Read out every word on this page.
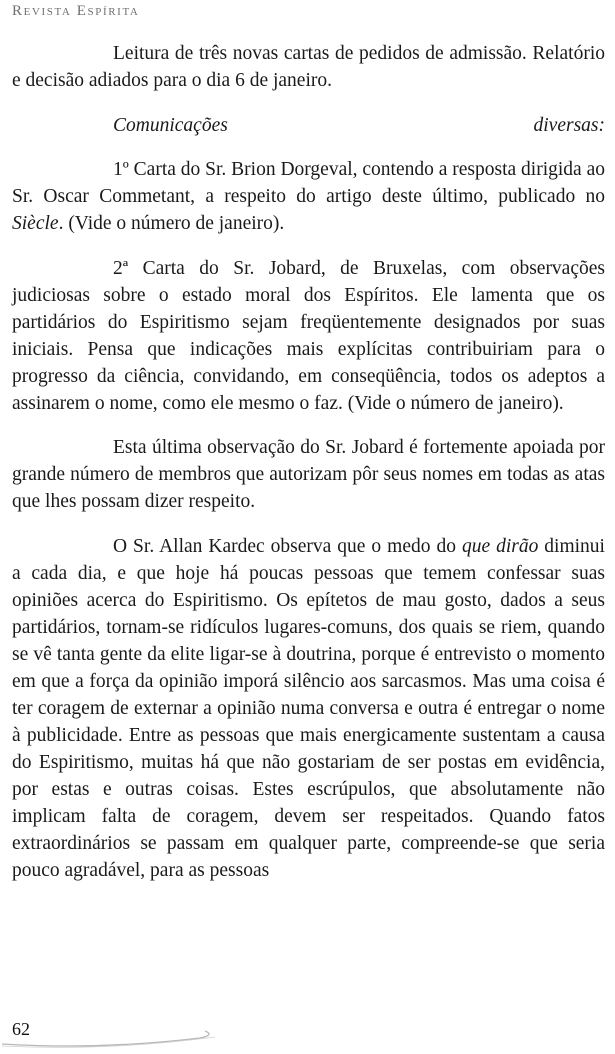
Revista Espírita

Leitura de três novas cartas de pedidos de admissão. Relatório e decisão adiados para o dia 6 de janeiro.

Comunicações diversas:

1º Carta do Sr. Brion Dorgeval, contendo a resposta dirigida ao Sr. Oscar Commetant, a respeito do artigo deste último, publicado no Siècle. (Vide o número de janeiro).

2ª Carta do Sr. Jobard, de Bruxelas, com observações judiciosas sobre o estado moral dos Espíritos. Ele lamenta que os partidários do Espiritismo sejam freqüentemente designados por suas iniciais. Pensa que indicações mais explícitas contribuiriam para o progresso da ciência, convidando, em conseqüência, todos os adeptos a assinarem o nome, como ele mesmo o faz. (Vide o número de janeiro).

Esta última observação do Sr. Jobard é fortemente apoiada por grande número de membros que autorizam pôr seus nomes em todas as atas que lhes possam dizer respeito.

O Sr. Allan Kardec observa que o medo do que dirão diminui a cada dia, e que hoje há poucas pessoas que temem confessar suas opiniões acerca do Espiritismo. Os epítetos de mau gosto, dados a seus partidários, tornam-se ridículos lugares-comuns, dos quais se riem, quando se vê tanta gente da elite ligar-se à doutrina, porque é entrevisto o momento em que a força da opinião imporá silêncio aos sarcasmos. Mas uma coisa é ter coragem de externar a opinião numa conversa e outra é entregar o nome à publicidade. Entre as pessoas que mais energicamente sustentam a causa do Espiritismo, muitas há que não gostariam de ser postas em evidência, por estas e outras coisas. Estes escrúpulos, que absolutamente não implicam falta de coragem, devem ser respeitados. Quando fatos extraordinários se passam em qualquer parte, compreende-se que seria pouco agradável, para as pessoas

62
